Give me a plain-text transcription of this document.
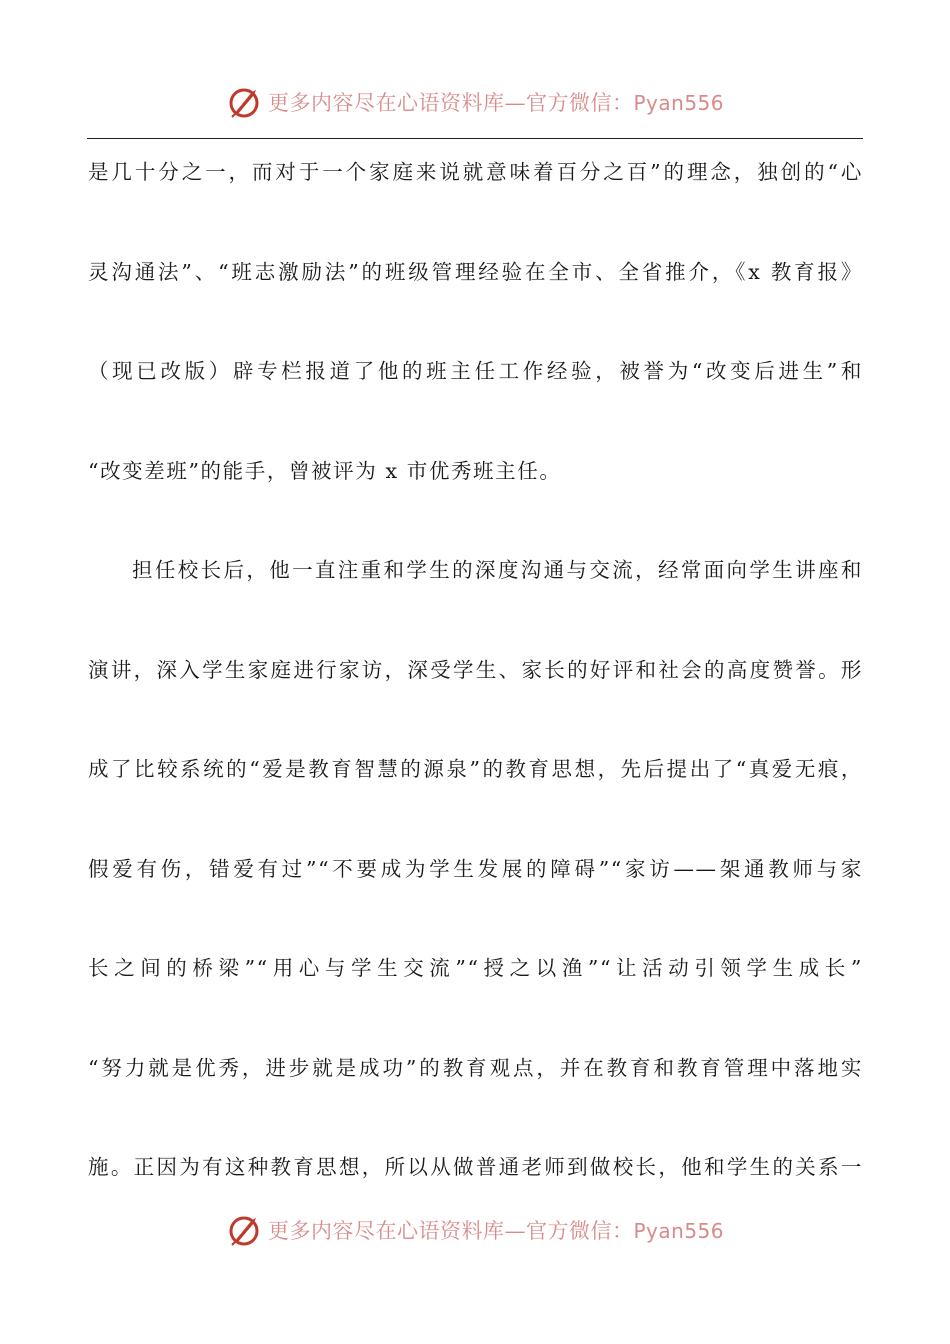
更多内容尽在心语资料库—官方微信：Pyan556
是几十分之一，而对于一个家庭来说就意味着百分之百”的理念，独创的“心
灵沟通法”、“班志激励法”的班级管理经验在全市、全省推介，《x 教育报》
（现已改版）辟专栏报道了他的班主任工作经验，被誉为“改变后进生”和
“改变差班”的能手，曾被评为 x 市优秀班主任。
担任校长后，他一直注重和学生的深度沟通与交流，经常面向学生讲座和
演讲，深入学生家庭进行家访，深受学生、家长的好评和社会的高度赞誉。形
成了比较系统的“爱是教育智慧的源泉”的教育思想，先后提出了“真爱无痕，
假爱有伤，错爱有过”“不要成为学生发展的障碍”“家访——架通教师与家
长之间的桥梁”“用心与学生交流”“授之以渔”“让活动引领学生成长”
“努力就是优秀，进步就是成功”的教育观点，并在教育和教育管理中落地实
施。正因为有这种教育思想，所以从做普通老师到做校长，他和学生的关系一
更多内容尽在心语资料库—官方微信：Pyan556
